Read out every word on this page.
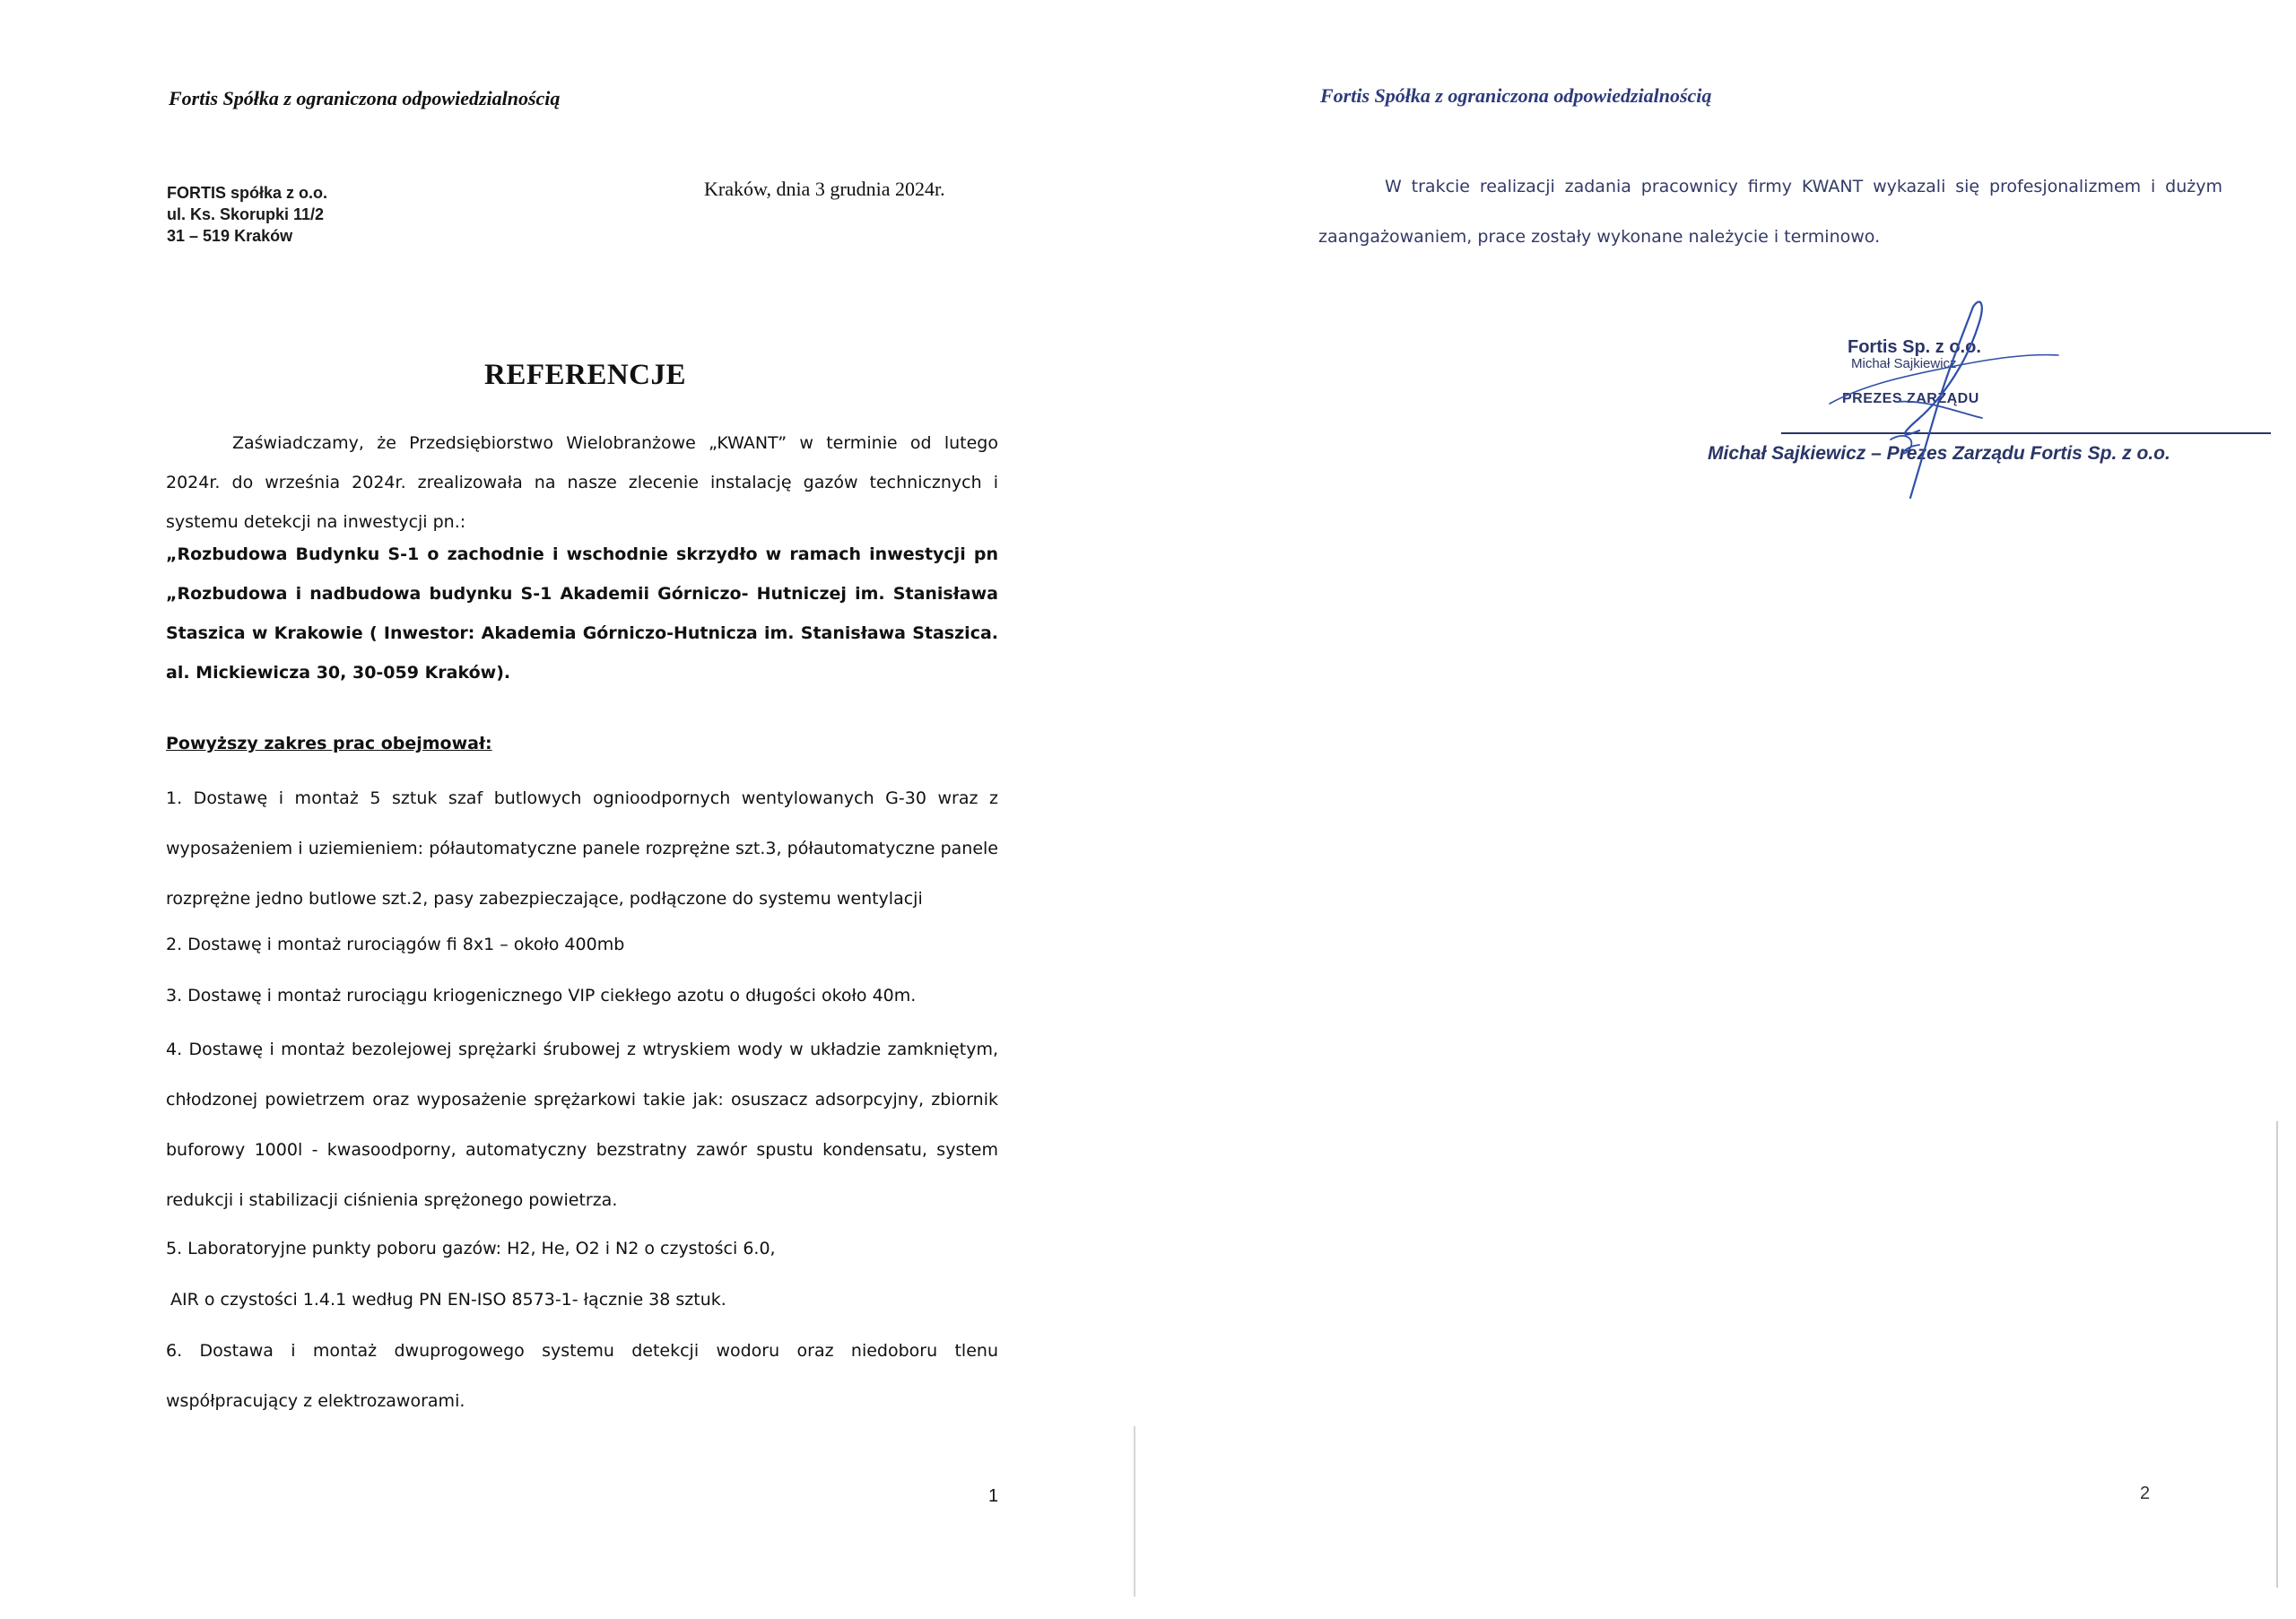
Fortis Spółka z ograniczona odpowiedzialnością
FORTIS spółka z o.o.
ul. Ks. Skorupki 11/2
31 – 519 Kraków
Kraków, dnia 3 grudnia 2024r.
REFERENCJE
Zaświadczamy, że Przedsiębiorstwo Wielobranżowe „KWANT” w terminie od lutego 2024r. do września 2024r. zrealizowała na nasze zlecenie instalację gazów technicznych i systemu detekcji na inwestycji pn.:
„Rozbudowa Budynku S-1 o zachodnie i wschodnie skrzydło w ramach inwestycji pn „Rozbudowa i nadbudowa budynku S-1 Akademii Górniczo- Hutniczej im. Stanisława Staszica w Krakowie ( Inwestor: Akademia Górniczo-Hutnicza im. Stanisława Staszica. al. Mickiewicza 30, 30-059 Kraków).
Powyższy zakres prac obejmował:
1. Dostawę i montaż 5 sztuk szaf butlowych ognioodpornych wentylowanych G-30 wraz z wyposażeniem i uziemieniem: półautomatyczne panele rozprężne szt.3, półautomatyczne panele rozprężne jedno butlowe szt.2, pasy zabezpieczające, podłączone do systemu wentylacji
2. Dostawę i montaż rurociągów fi 8x1 – około 400mb
3. Dostawę i montaż rurociągu kriogenicznego VIP ciekłego azotu o długości około 40m.
4. Dostawę i montaż bezolejowej sprężarki śrubowej z wtryskiem wody w układzie zamkniętym, chłodzonej powietrzem oraz wyposażenie sprężarkowi takie jak: osuszacz adsorpcyjny, zbiornik buforowy 1000l - kwasoodporny, automatyczny bezstratny zawór spustu kondensatu, system redukcji i stabilizacji ciśnienia sprężonego powietrza.
5. Laboratoryjne punkty poboru gazów: H2, He, O2 i N2 o czystości 6.0,
AIR o czystości 1.4.1 według PN EN-ISO 8573-1- łącznie 38 sztuk.
6. Dostawa i montaż dwuprogowego systemu detekcji wodoru oraz niedoboru tlenu współpracujący z elektrozaworami.
1
Fortis Spółka z ograniczona odpowiedzialnością
W trakcie realizacji zadania pracownicy firmy KWANT wykazali się profesjonalizmem i dużym zaangażowaniem, prace zostały wykonane należycie i terminowo.
Fortis Sp. z o.o.
Michał Sajkiewicz
PREZES ZARZĄDU
Michał Sajkiewicz – Prezes Zarządu Fortis Sp. z o.o.
2
